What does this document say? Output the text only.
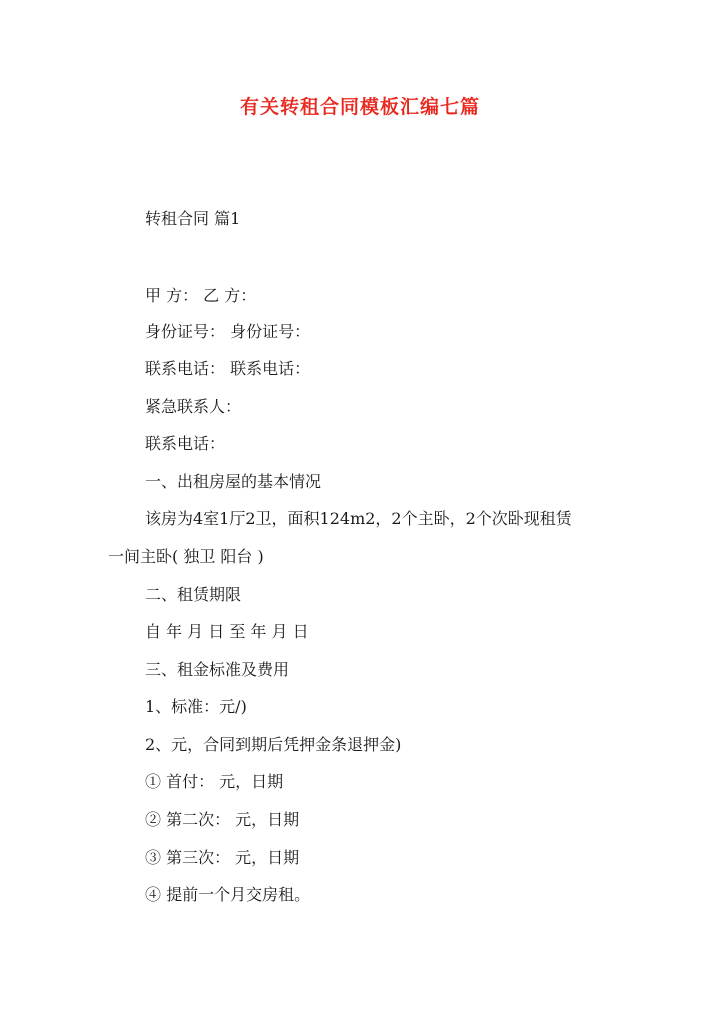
有关转租合同模板汇编七篇
转租合同 篇1
甲 方： 乙 方：
身份证号： 身份证号：
联系电话： 联系电话：
紧急联系人：
联系电话：
一、出租房屋的基本情况
该房为4室1厅2卫，面积124m2，2个主卧，2个次卧现租赁
一间主卧( 独卫 阳台 )
二、租赁期限
自 年 月 日 至 年 月 日
三、租金标准及费用
1、标准：元/)
2、元，合同到期后凭押金条退押金)
① 首付： 元，日期
② 第二次： 元，日期
③ 第三次： 元，日期
④ 提前一个月交房租。
